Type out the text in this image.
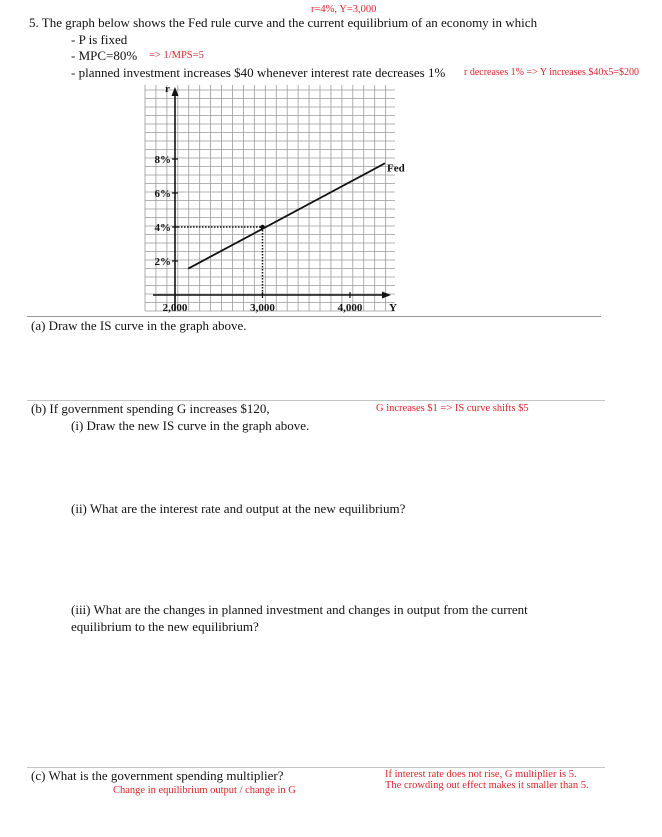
r=4%, Y=3,000
5. The graph below shows the Fed rule curve and the current equilibrium of an economy in which
- P is fixed
- MPC=80% => 1/MPS=5
- planned investment increases $40 whenever interest rate decreases 1% r decreases 1% => Y increases $40x5=$200
r
Y
2%
4%
6%
8%
2,000	3,000	4,000
Fed
(a) Draw the IS curve in the graph above.
(b) If government spending G increases $120,	G increases $1 => IS curve shifts $5
(i) Draw the new IS curve in the graph above.
(ii) What are the interest rate and output at the new equilibrium?
(iii) What are the changes in planned investment and changes in output from the current
equilibrium to the new equilibrium?
(c) What is the government spending multiplier?
Change in equilibrium output / change in G
If interest rate does not rise, G multiplier is 5.
The crowding out effect makes it smaller than 5.
